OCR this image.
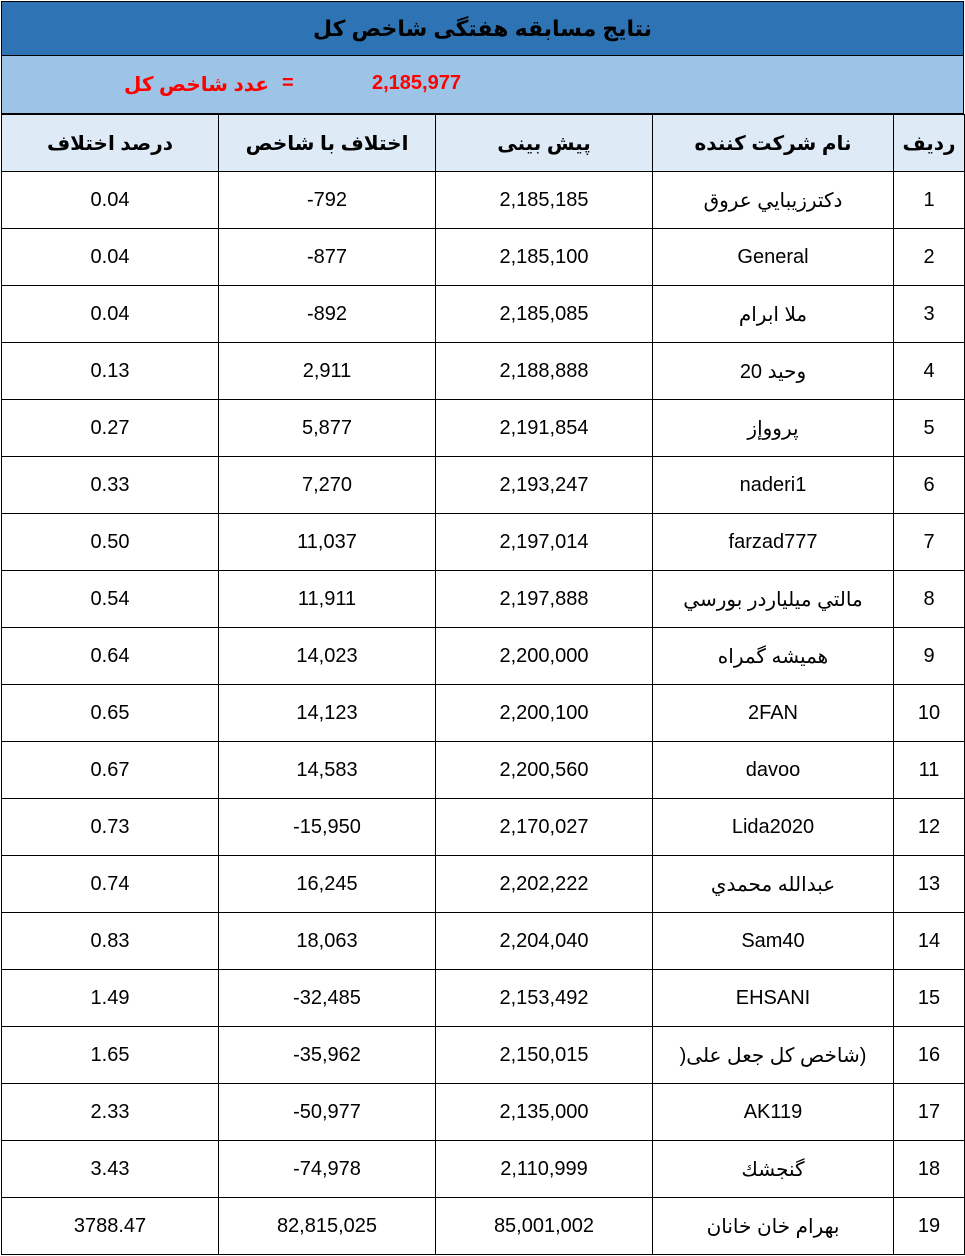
نتایج مسابقه هفتگی شاخص کل
عدد شاخص کل =	2,185,977
درصد اختلاف	اختلاف با شاخص	پیش بینی	نام شرکت کننده	ردیف
0.04	-792	2,185,185	دكترزيبايي عروق	1
0.04	-877	2,185,100	General	2
0.04	-892	2,185,085	ملا ابرام	3
0.13	2,911	2,188,888	وحيد 20	4
0.27	5,877	2,191,854	پرووإز	5
0.33	7,270	2,193,247	naderi1	6
0.50	11,037	2,197,014	farzad777	7
0.54	11,911	2,197,888	مالتي ميلياردر بورسي	8
0.64	14,023	2,200,000	هميشه گمراه	9
0.65	14,123	2,200,100	2FAN	10
0.67	14,583	2,200,560	davoo	11
0.73	-15,950	2,170,027	Lida2020	12
0.74	16,245	2,202,222	عبدالله محمدي	13
0.83	18,063	2,204,040	Sam40	14
1.49	-32,485	2,153,492	EHSANI	15
1.65	-35,962	2,150,015	(شاخص كل جعل على(	16
2.33	-50,977	2,135,000	AK119	17
3.43	-74,978	2,110,999	گنجشك	18
3788.47	82,815,025	85,001,002	بهرام خان خانان	19
